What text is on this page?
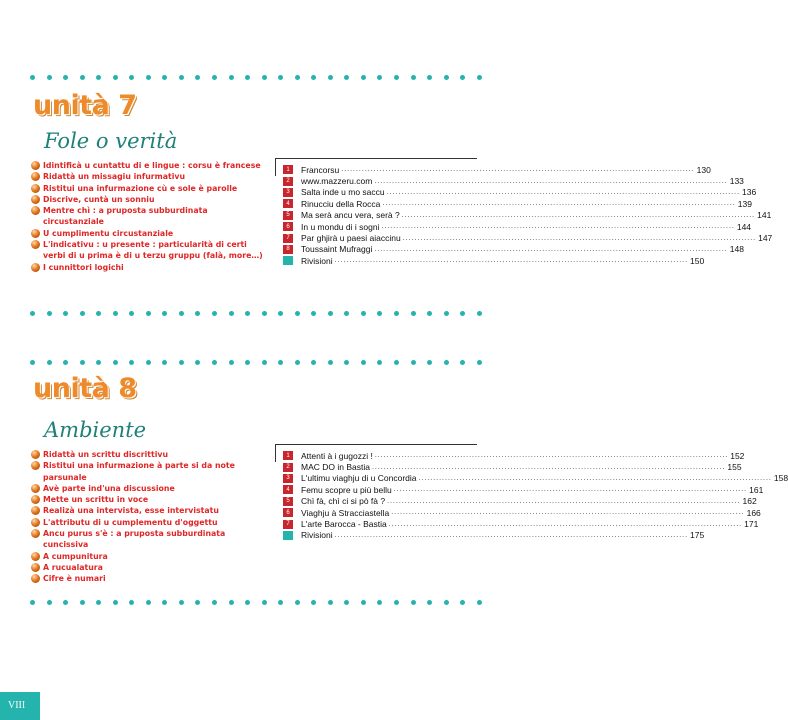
unità 7
Fole o verità
Idintificà u cuntattu di e lingue : corsu è francese
Ridattà un missagiu infurmativu
Ristitui una infurmazione cù e sole è parolle
Discrive, cuntà un sonniu
Mentre chì : a pruposta subburdinata circustanziale
U cumplimentu circustanziale
L'indicativu : u presente : particularità di certi verbi di u prima è di u terzu gruppu (falà, more…)
I cunnittori logichi
1	Francorsu ........................................................................................................................ 130
2	www.mazzeru.com ........................................................................................................................ 133
3	Salta inde u mo saccu ........................................................................................................................ 136
4	Rinucciu della Rocca ........................................................................................................................ 139
5	Ma serà ancu vera, serà ? ........................................................................................................................ 141
6	In u mondu di i sogni ........................................................................................................................ 144
7	Par ghjirà u paesi aiaccinu ........................................................................................................................ 147
8	Toussaint Mufraggi ........................................................................................................................ 148
Rivisioni ........................................................................................................................ 150
unità 8
Ambiente
Ridattà un scrittu discrittivu
Ristitui una infurmazione à parte si da note parsunale
Avè parte ind'una discussione
Mette un scrittu in voce
Realizà una intervista, esse intervistatu
L'attributu di u cumplementu d'oggettu
Ancu purus s'è : a pruposta subburdinata cuncissiva
A cumpunitura
A rucualatura
Cifre è numari
1	Attenti à i gugozzi ! ........................................................................................................................ 152
2	MAC DO in Bastia ........................................................................................................................ 155
3	L'ultimu viaghju di u Concordia ........................................................................................................................ 158
4	Femu scopre u più bellu ........................................................................................................................ 161
5	Chì fà, chì ci si pò fà ? ........................................................................................................................ 162
6	Viaghju à Stracciastella ........................................................................................................................ 166
7	L'arte Barocca - Bastia ........................................................................................................................ 171
Rivisioni ........................................................................................................................ 175
VIII
